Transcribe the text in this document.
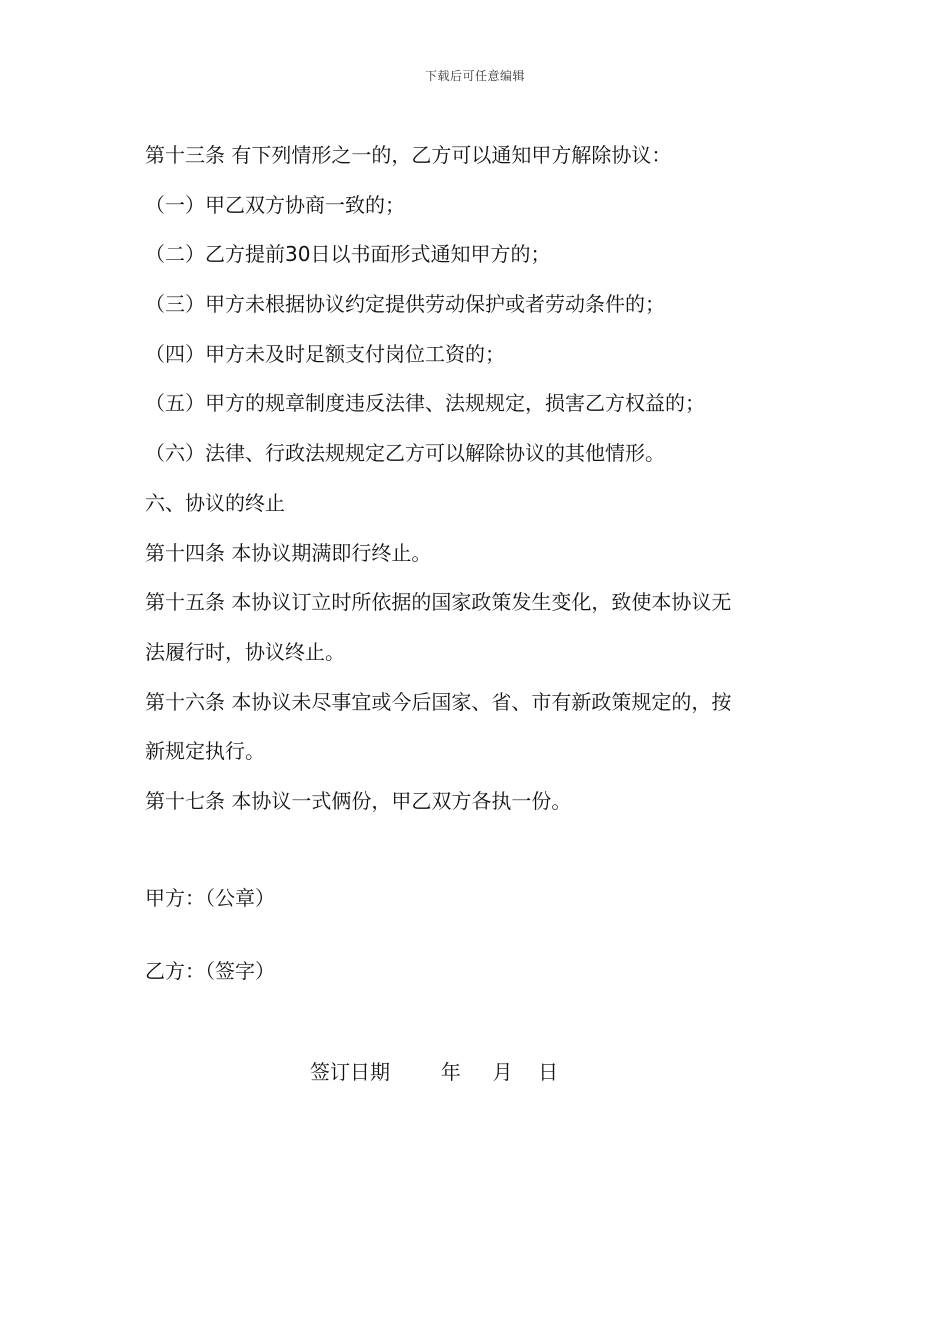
下载后可任意编辑
第十三条 有下列情形之一的，乙方可以通知甲方解除协议：
（一）甲乙双方协商一致的；
（二）乙方提前30日以书面形式通知甲方的；
（三）甲方未根据协议约定提供劳动保护或者劳动条件的；
（四）甲方未及时足额支付岗位工资的；
（五）甲方的规章制度违反法律、法规规定，损害乙方权益的；
（六）法律、行政法规规定乙方可以解除协议的其他情形。
六、协议的终止
第十四条 本协议期满即行终止。
第十五条 本协议订立时所依据的国家政策发生变化，致使本协议无
法履行时，协议终止。
第十六条 本协议未尽事宜或今后国家、省、市有新政策规定的，按
新规定执行。
第十七条 本协议一式俩份，甲乙双方各执一份。
甲方：（公章）
乙方：（签字）
签订日期        年     月    日
